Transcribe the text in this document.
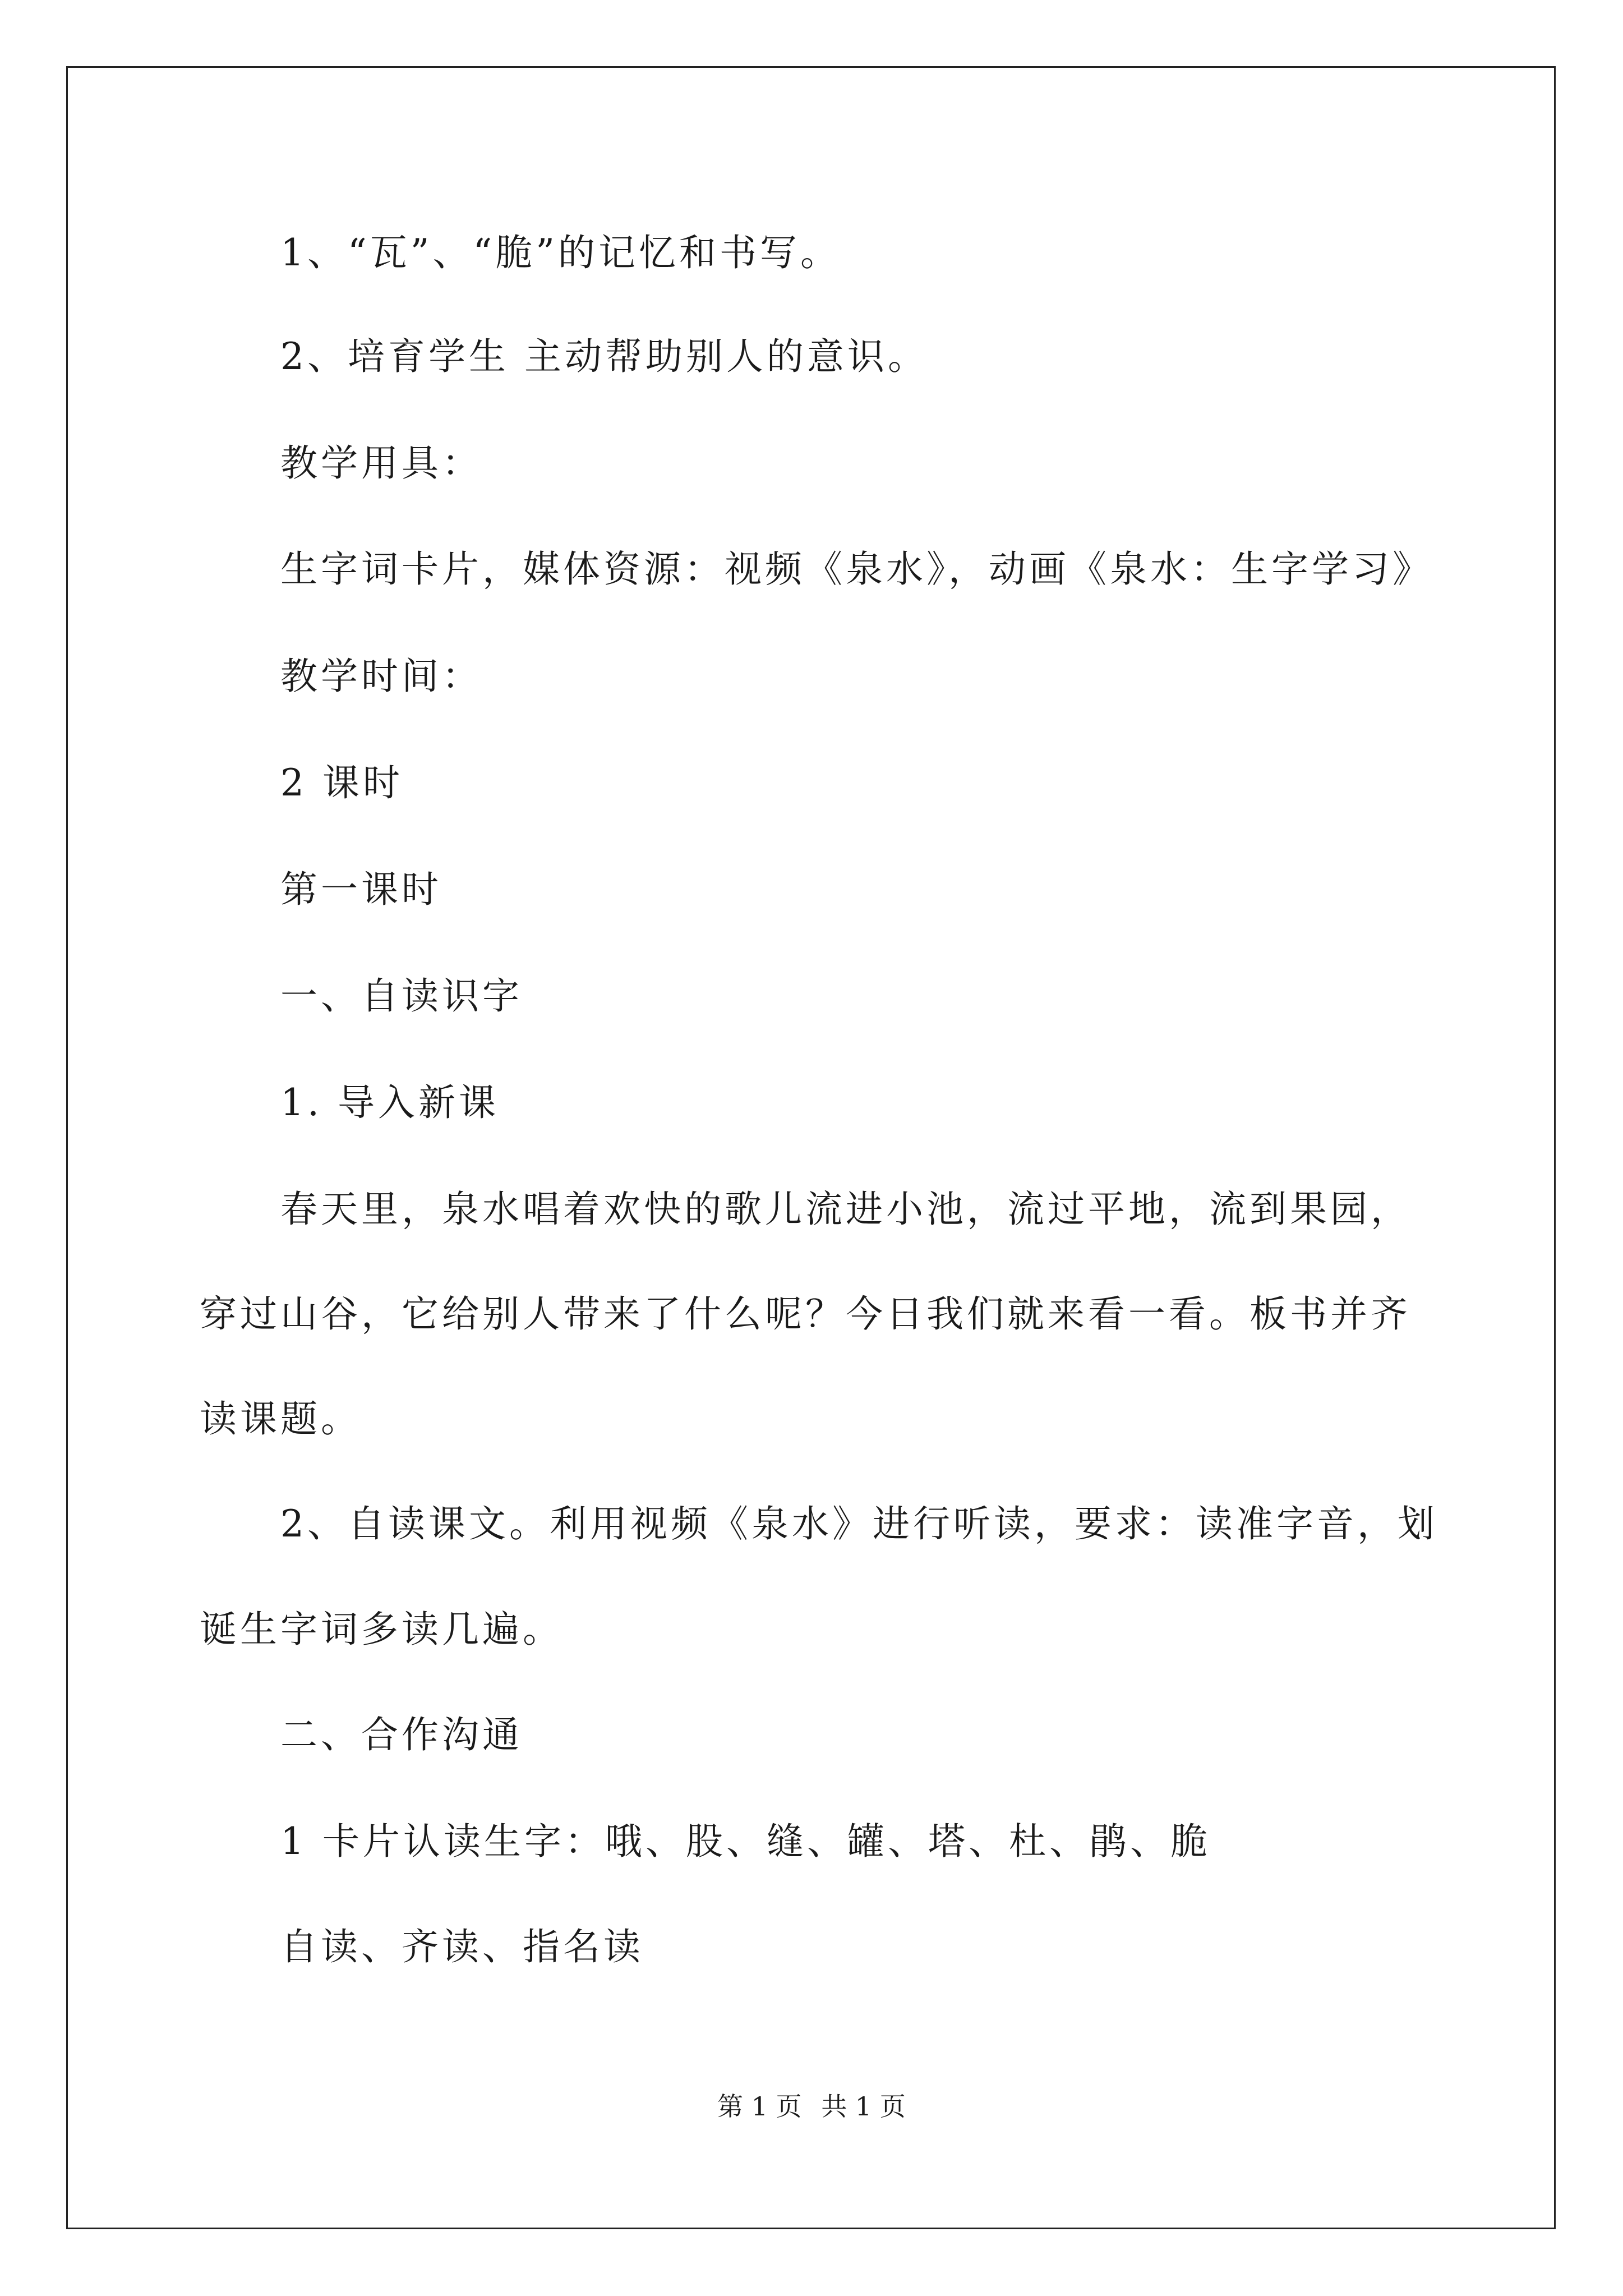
1、“瓦”、“脆”的记忆和书写。
2、培育学生 主动帮助别人的意识。
教学用具：
生字词卡片，媒体资源：视频《泉水》，动画《泉水：生字学习》
教学时间：
2 课时
第一课时
一、自读识字
1. 导入新课
春天里，泉水唱着欢快的歌儿流进小池，流过平地，流到果园，
穿过山谷，它给别人带来了什么呢？今日我们就来看一看。板书并齐
读课题。
2、自读课文。利用视频《泉水》进行听读，要求：读准字音，划
诞生字词多读几遍。
二、合作沟通
1 卡片认读生字：哦、股、缝、罐、塔、杜、鹃、脆
自读、齐读、指名读
第 1 页 共 1 页
